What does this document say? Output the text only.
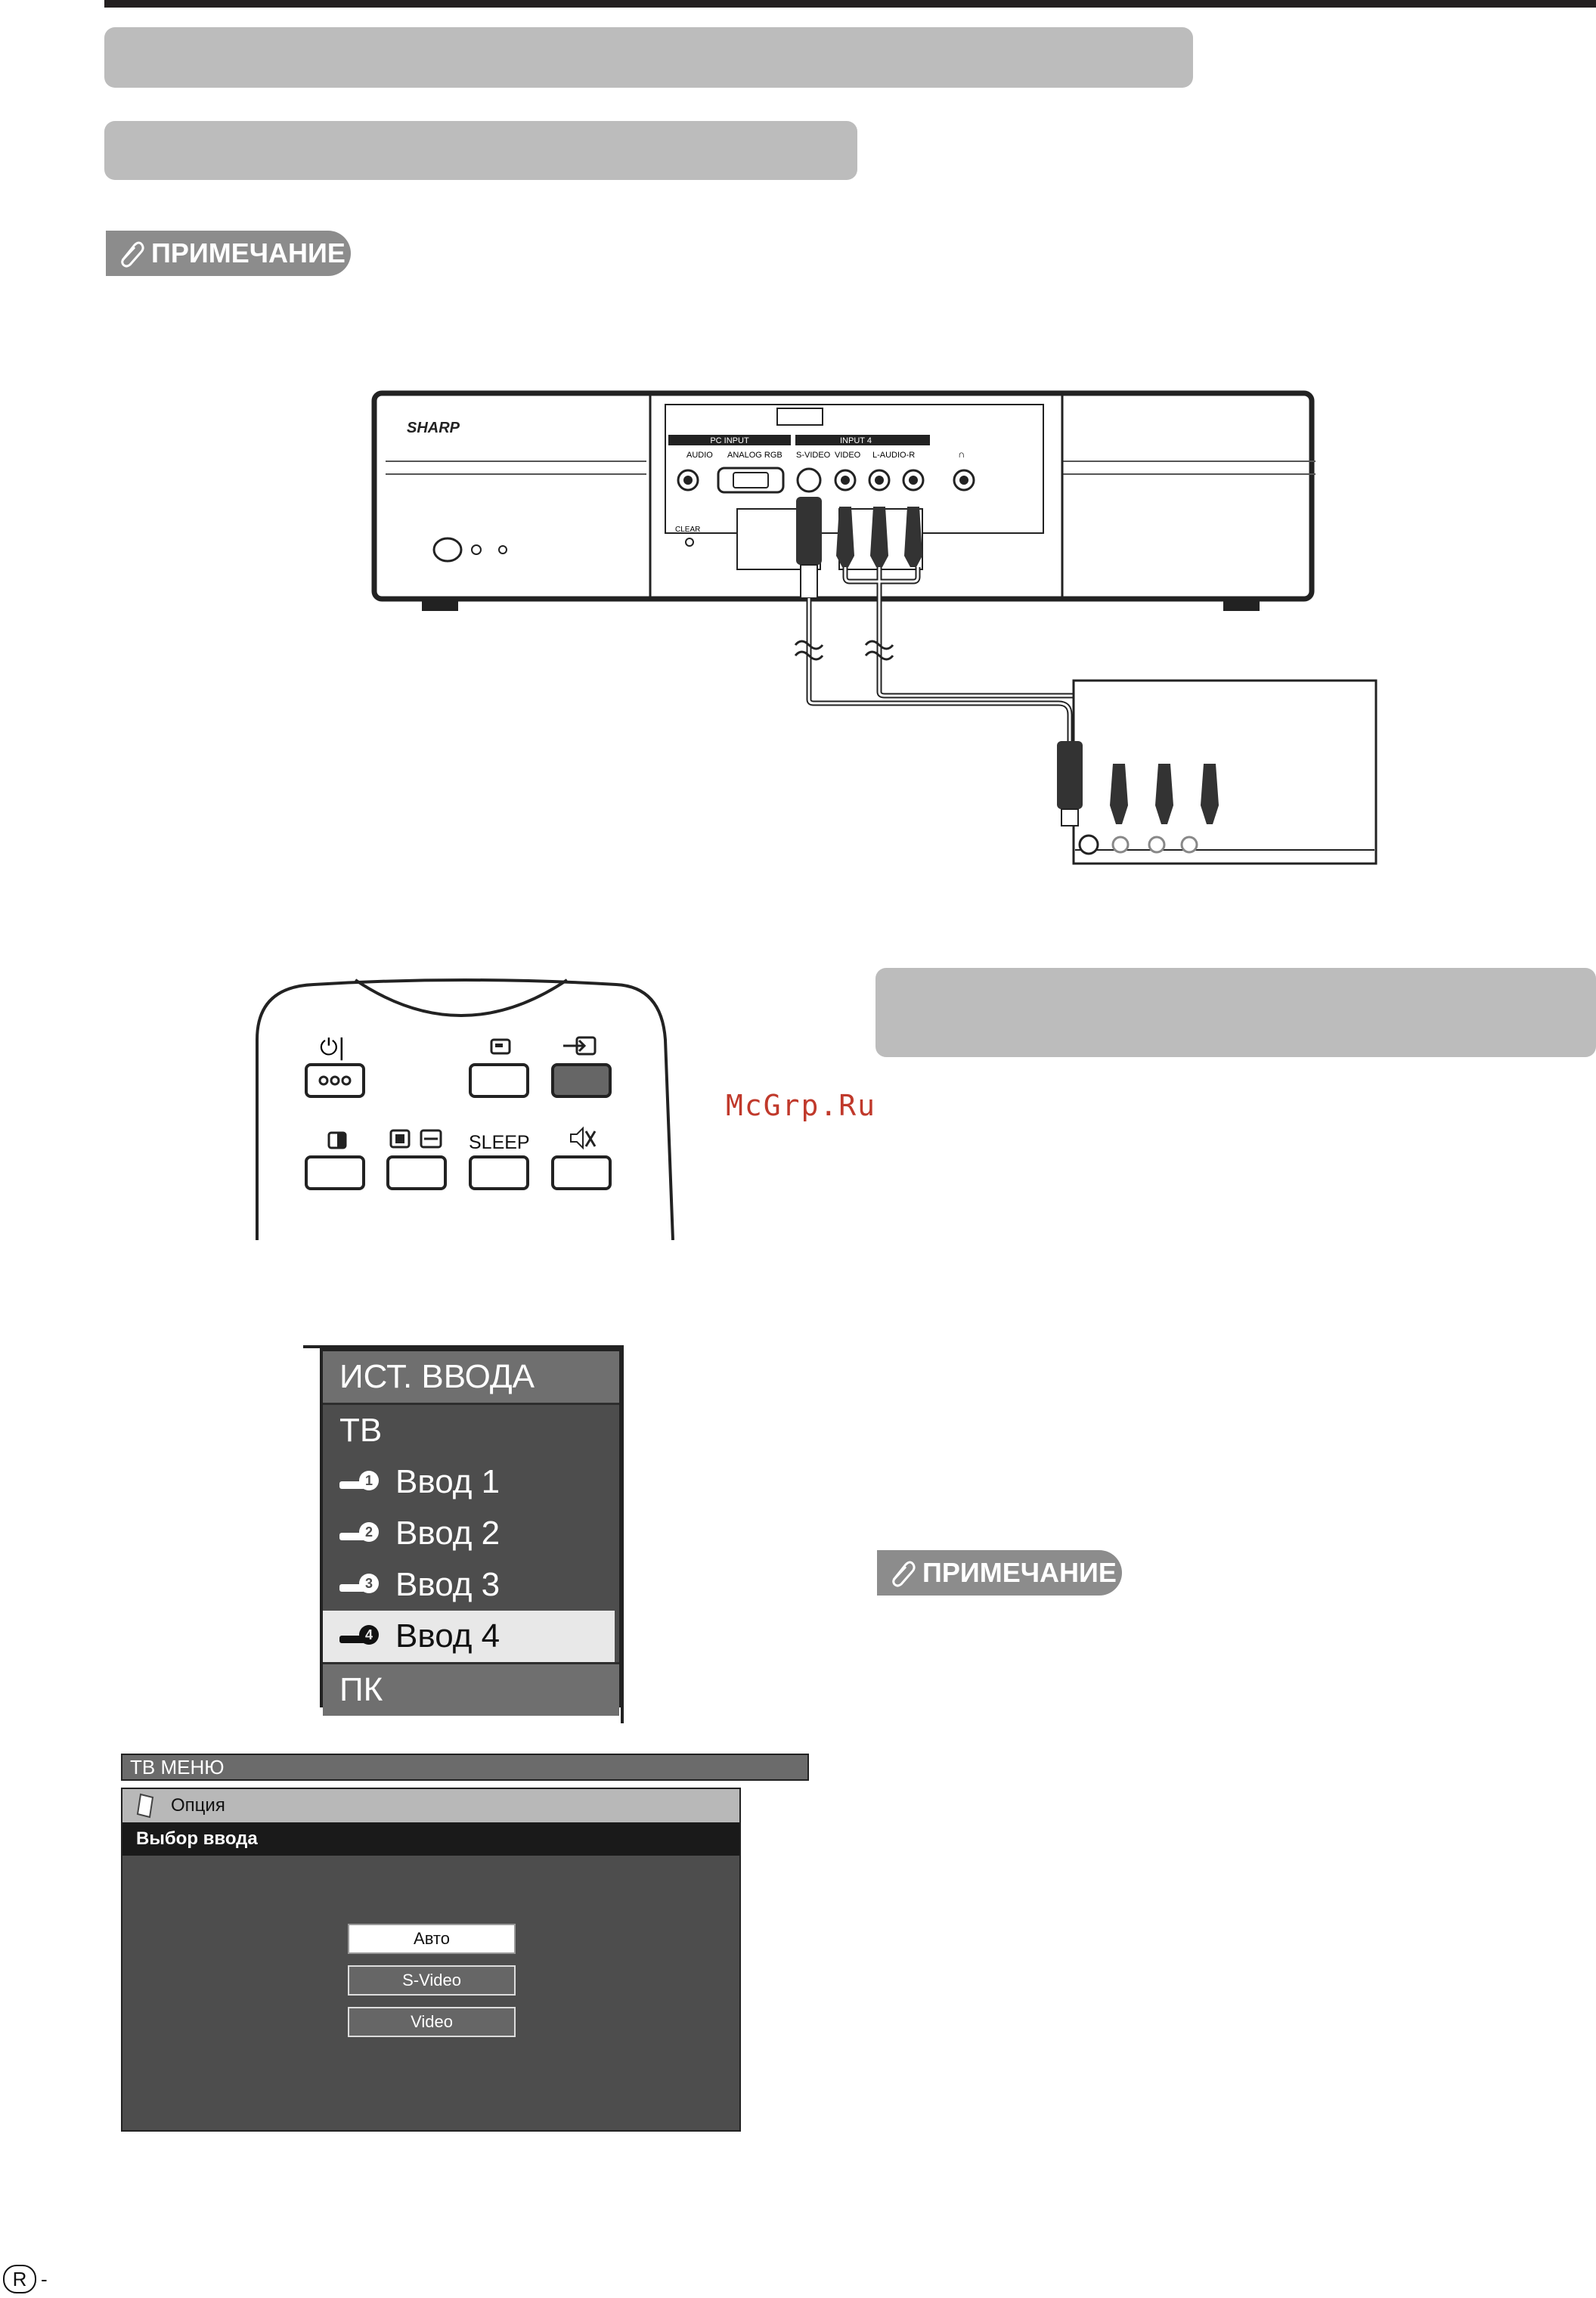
ПРИМЕЧАНИЕ
SHARP
PC INPUT	INPUT 4
AUDIO ANALOG RGB S-VIDEO VIDEO L-AUDIO-R	∩
CLEAR
⏻|
SLEEP
McGrp.Ru
ИСТ. ВВОДА
ТВ
1 Ввод 1
2 Ввод 2
3 Ввод 3
4 Ввод 4
ПК
ТВ МЕНЮ
Опция
Выбор ввода
Авто
S-Video
Video
ПРИМЕЧАНИЕ
R -
